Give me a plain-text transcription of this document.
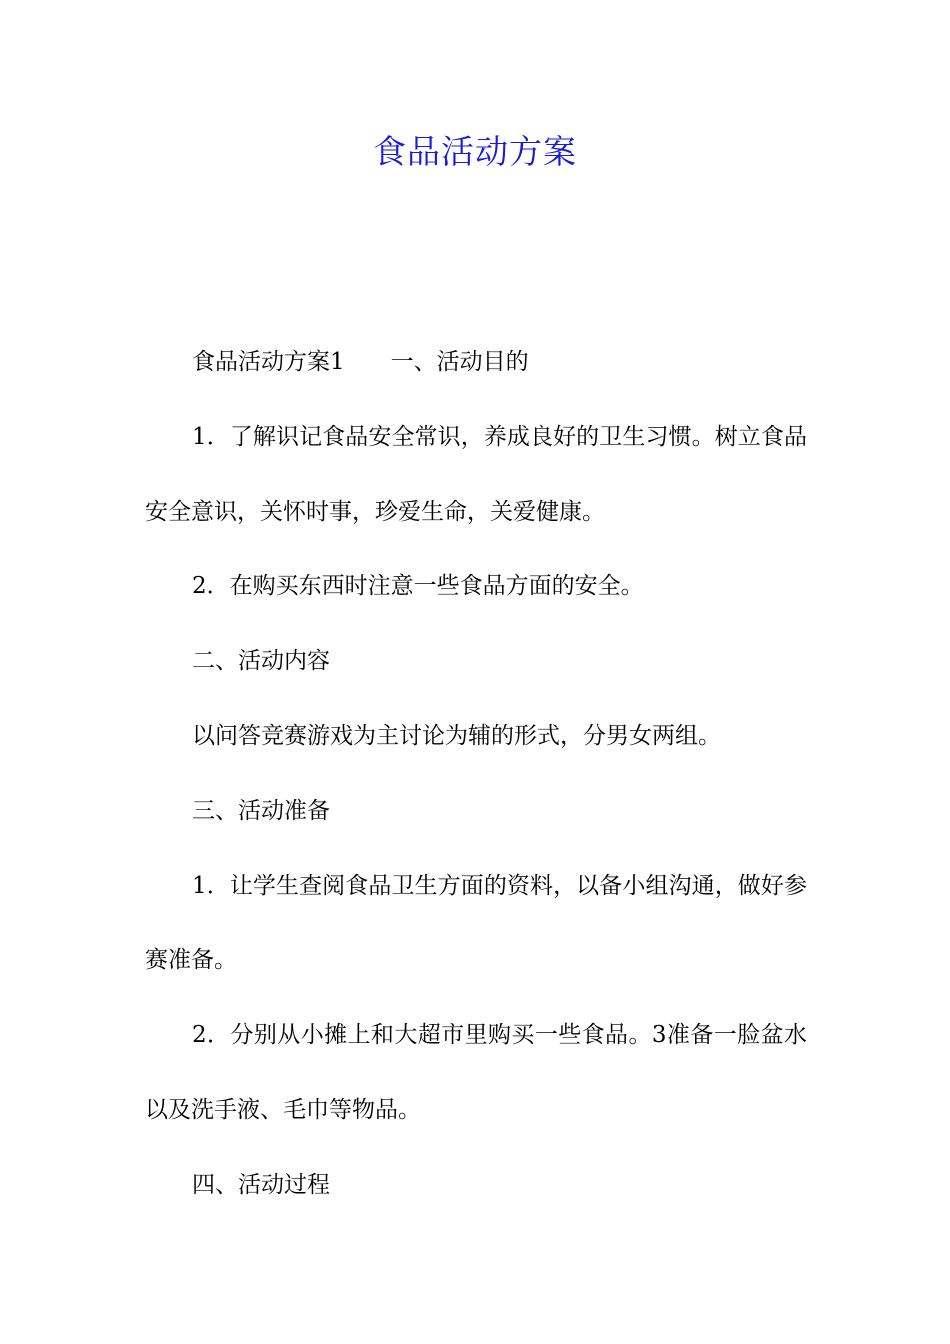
食品活动方案

食品活动方案1 一、活动目的

1．了解识记食品安全常识，养成良好的卫生习惯。树立食品安全意识，关怀时事，珍爱生命，关爱健康。

2．在购买东西时注意一些食品方面的安全。

二、活动内容

以问答竞赛游戏为主讨论为辅的形式，分男女两组。

三、活动准备

1．让学生查阅食品卫生方面的资料，以备小组沟通，做好参赛准备。

2．分别从小摊上和大超市里购买一些食品。3准备一脸盆水以及洗手液、毛巾等物品。

四、活动过程
